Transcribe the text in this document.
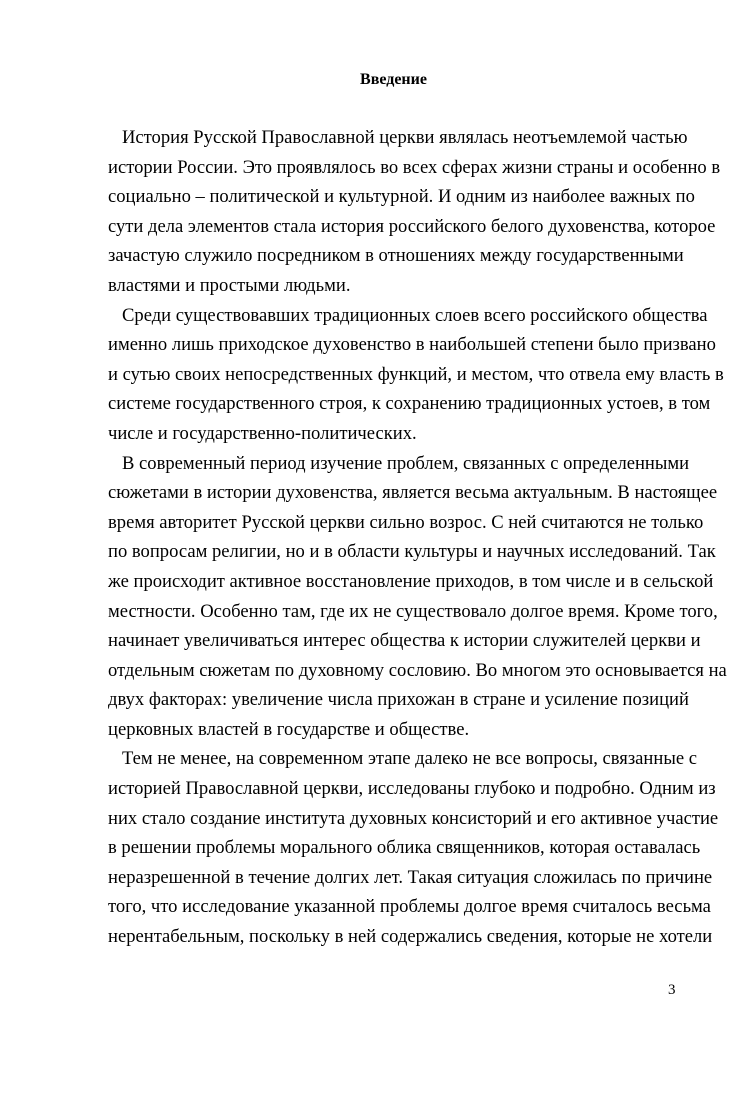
Введение
История Русской Православной церкви являлась неотъемлемой частью
истории России. Это проявлялось во всех сферах жизни страны и особенно в
социально – политической и культурной. И одним из наиболее важных по
сути дела элементов стала история российского белого духовенства, которое
зачастую служило посредником в отношениях между государственными
властями и простыми людьми.
Среди существовавших традиционных слоев всего российского общества
именно лишь приходское духовенство в наибольшей степени было призвано
и сутью своих непосредственных функций, и местом, что отвела ему власть в
системе государственного строя, к сохранению традиционных устоев, в том
числе и государственно-политических.
В современный период изучение проблем, связанных с определенными
сюжетами в истории духовенства, является весьма актуальным. В настоящее
время авторитет Русской церкви сильно возрос. С ней считаются не только
по вопросам религии, но и в области культуры и научных исследований. Так
же происходит активное восстановление приходов, в том числе и в сельской
местности. Особенно там, где их не существовало долгое время. Кроме того,
начинает увеличиваться интерес общества к истории служителей церкви и
отдельным сюжетам по духовному сословию. Во многом это основывается на
двух факторах: увеличение числа прихожан в стране и усиление позиций
церковных властей в государстве и обществе.
Тем не менее, на современном этапе далеко не все вопросы, связанные с
историей Православной церкви, исследованы глубоко и подробно. Одним из
них стало создание института духовных консисторий и его активное участие
в решении проблемы морального облика священников, которая оставалась
неразрешенной в течение долгих лет. Такая ситуация сложилась по причине
того, что исследование указанной проблемы долгое время считалось весьма
нерентабельным, поскольку в ней содержались сведения, которые не хотели
3
